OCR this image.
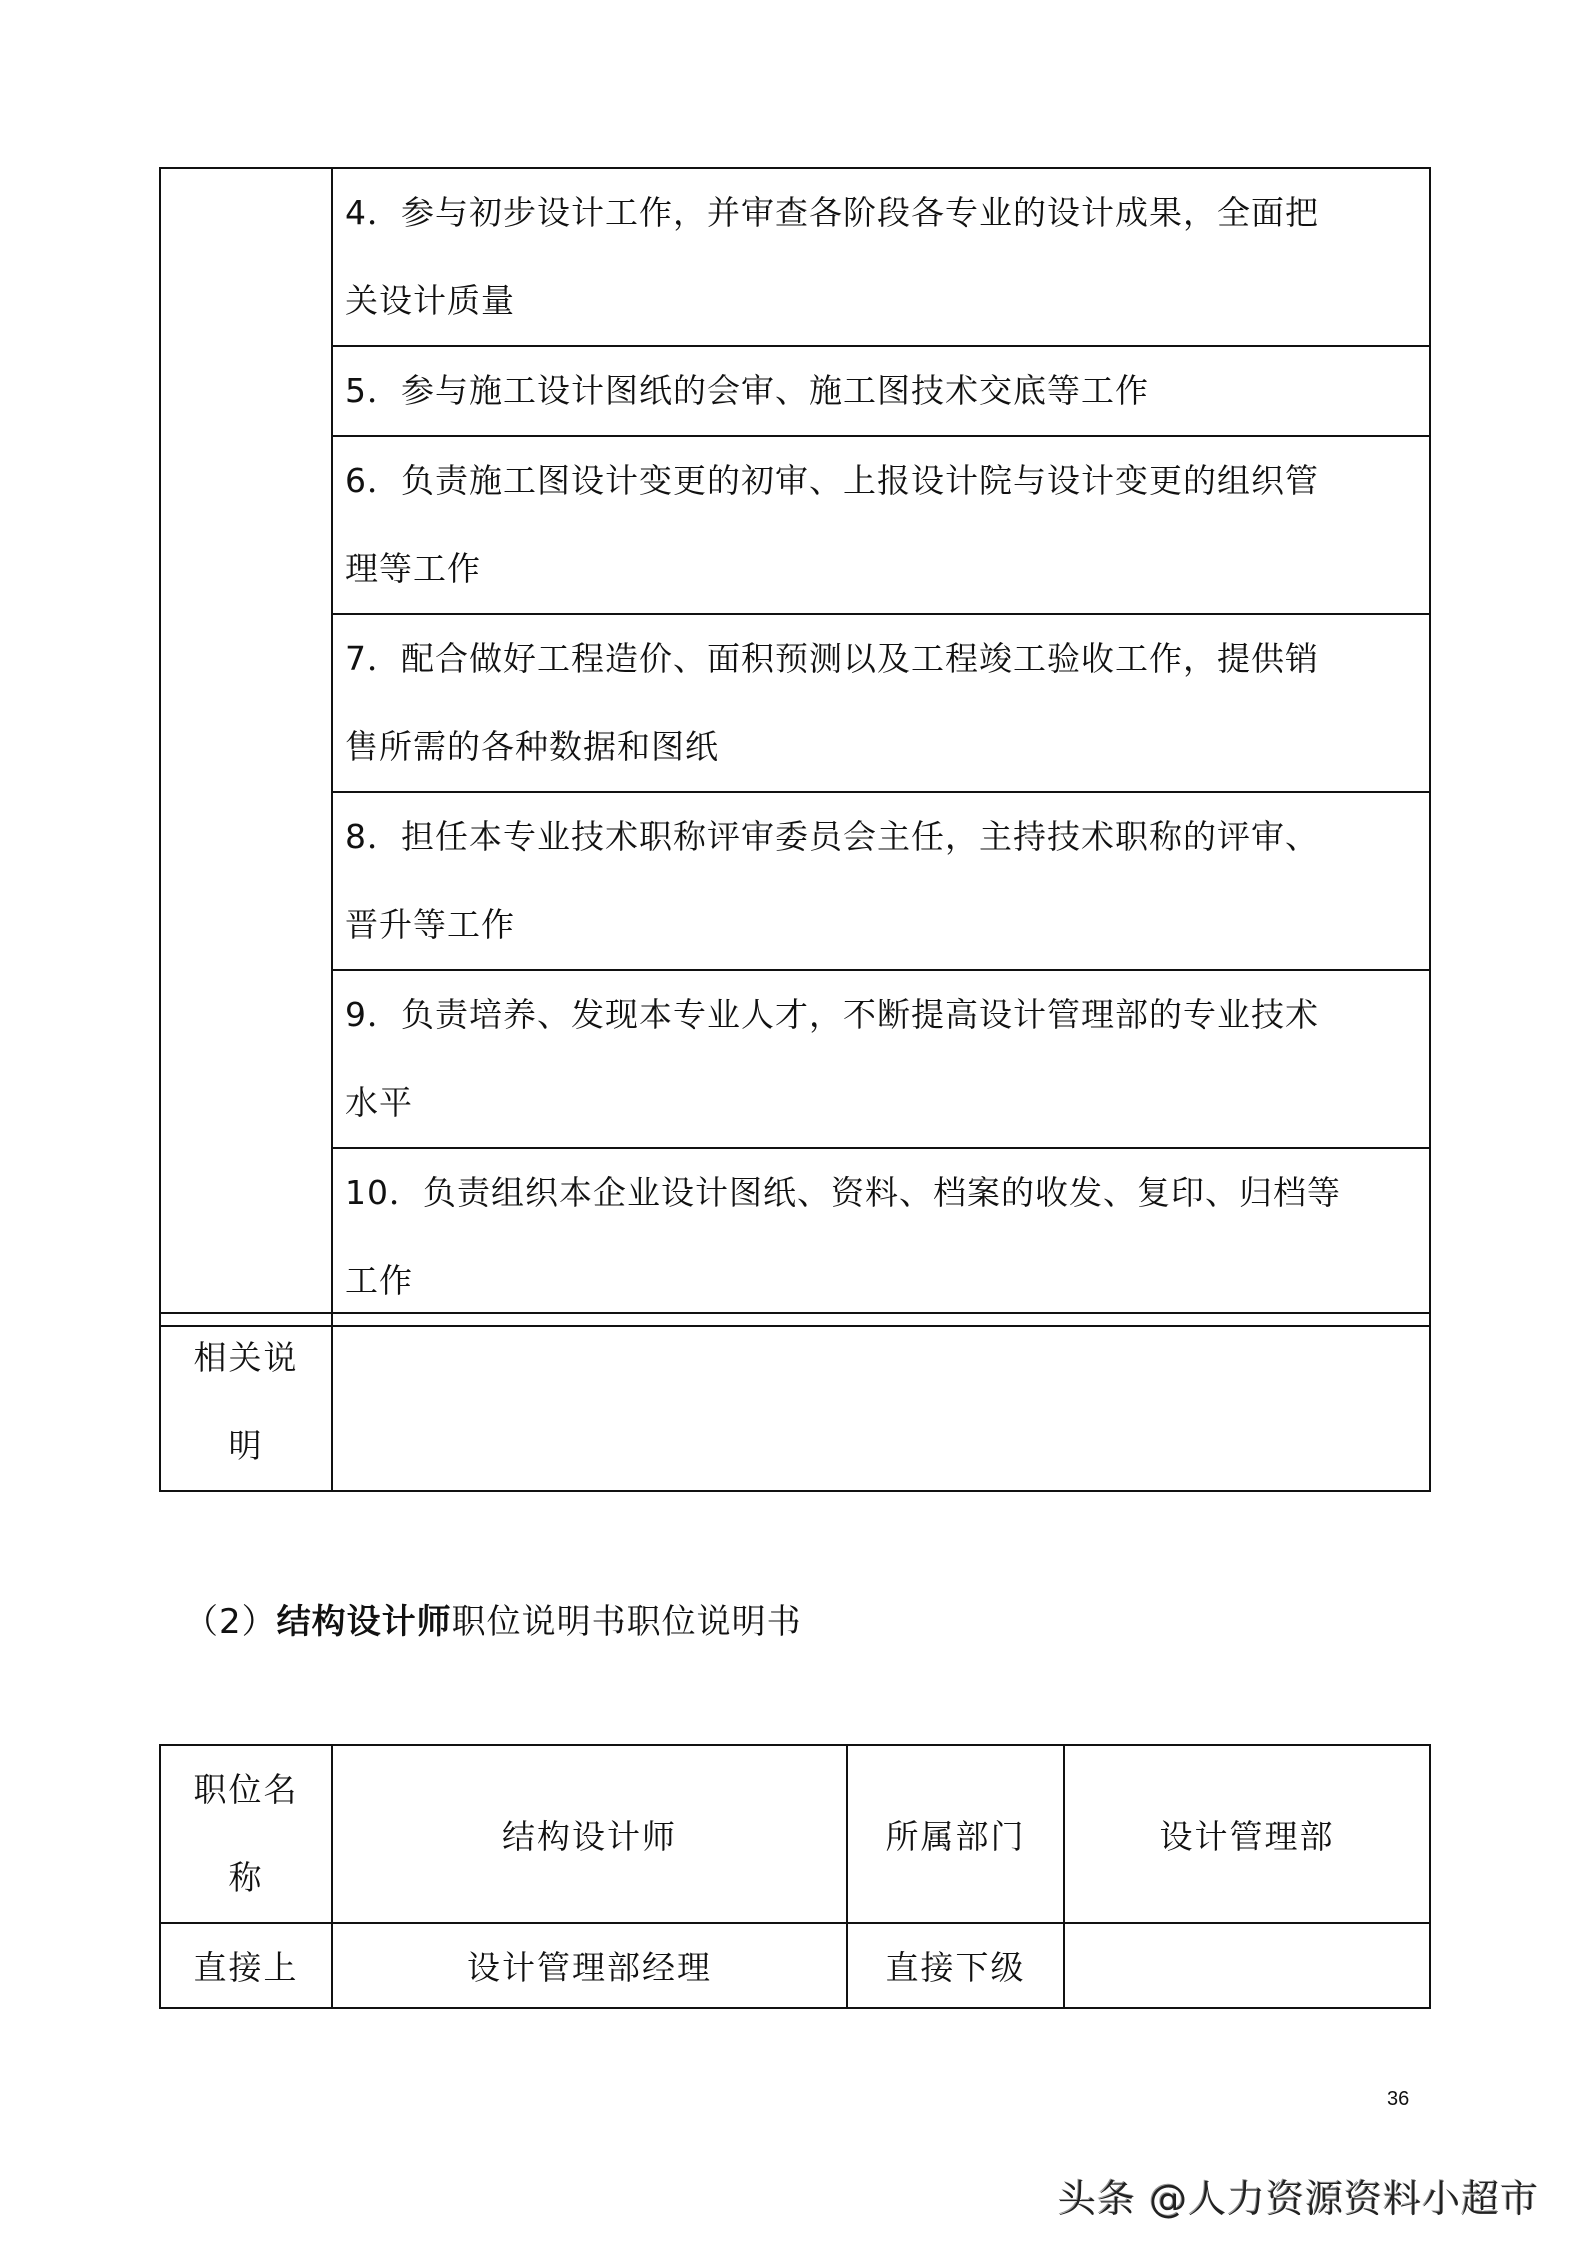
4．参与初步设计工作，并审查各阶段各专业的设计成果，全面把
关设计质量

5．参与施工设计图纸的会审、施工图技术交底等工作

6．负责施工图设计变更的初审、上报设计院与设计变更的组织管
理等工作

7．配合做好工程造价、面积预测以及工程竣工验收工作，提供销
售所需的各种数据和图纸

8．担任本专业技术职称评审委员会主任，主持技术职称的评审、
晋升等工作

9．负责培养、发现本专业人才，不断提高设计管理部的专业技术
水平

10．负责组织本企业设计图纸、资料、档案的收发、复印、归档等
工作
相关说
明

（2）结构设计师职位说明书职位说明书
职位名
称	结构设计师	所属部门	设计管理部
直接上	设计管理部经理	直接下级	
36
头条 @人力资源资料小超市
